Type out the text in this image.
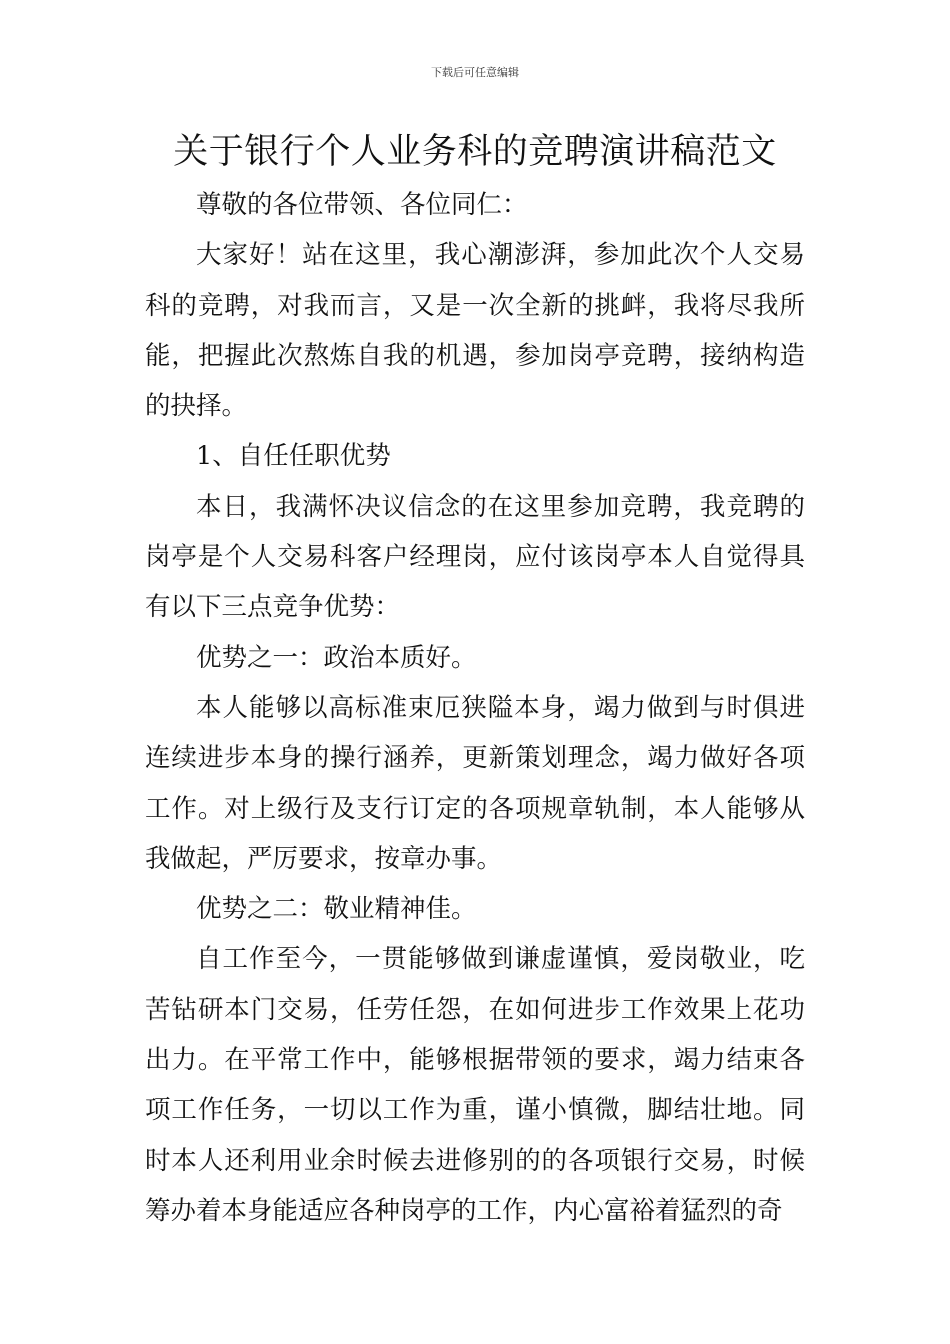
下载后可任意编辑
关于银行个人业务科的竞聘演讲稿范文

尊敬的各位带领、各位同仁：

大家好！站在这里，我心潮澎湃，参加此次个人交易科的竞聘，对我而言，又是一次全新的挑衅，我将尽我所能，把握此次熬炼自我的机遇，参加岗亭竞聘，接纳构造的抉择。

1、自任任职优势

本日，我满怀决议信念的在这里参加竞聘，我竞聘的岗亭是个人交易科客户经理岗，应付该岗亭本人自觉得具有以下三点竞争优势：

优势之一：政治本质好。

本人能够以高标准束厄狭隘本身，竭力做到与时俱进连续进步本身的操行涵养，更新策划理念，竭力做好各项工作。对上级行及支行订定的各项规章轨制，本人能够从我做起，严厉要求，按章办事。

优势之二：敬业精神佳。

自工作至今，一贯能够做到谦虚谨慎，爱岗敬业，吃苦钻研本门交易，任劳任怨，在如何进步工作效果上花功出力。在平常工作中，能够根据带领的要求，竭力结束各项工作任务，一切以工作为重，谨小慎微，脚结壮地。同时本人还利用业余时候去进修别的的各项银行交易，时候筹办着本身能适应各种岗亭的工作，内心富裕着猛烈的奇
